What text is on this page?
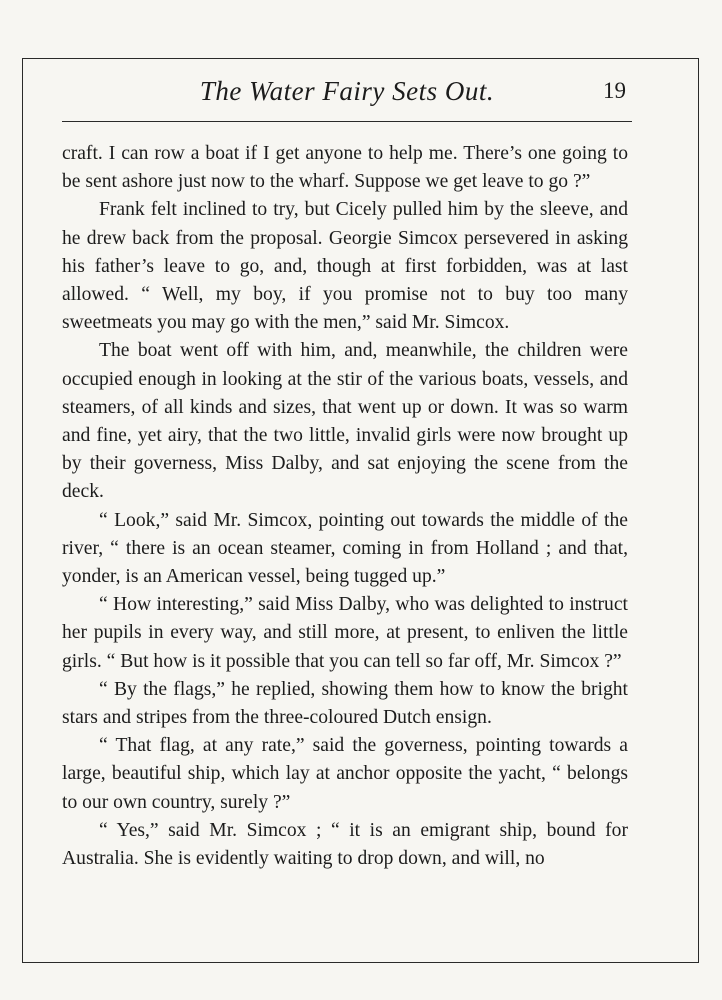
The Water Fairy Sets Out.	19

craft. I can row a boat if I get anyone to help me. There’s one going to be sent ashore just now to the wharf. Suppose we get leave to go ?”

Frank felt inclined to try, but Cicely pulled him by the sleeve, and he drew back from the proposal. Georgie Simcox persevered in asking his father’s leave to go, and, though at first forbidden, was at last allowed. “ Well, my boy, if you promise not to buy too many sweetmeats you may go with the men,” said Mr. Simcox.

The boat went off with him, and, meanwhile, the children were occupied enough in looking at the stir of the various boats, vessels, and steamers, of all kinds and sizes, that went up or down. It was so warm and fine, yet airy, that the two little, invalid girls were now brought up by their governess, Miss Dalby, and sat enjoying the scene from the deck.

“ Look,” said Mr. Simcox, pointing out towards the middle of the river, “ there is an ocean steamer, coming in from Holland ; and that, yonder, is an American vessel, being tugged up.”

“ How interesting,” said Miss Dalby, who was delighted to instruct her pupils in every way, and still more, at present, to enliven the little girls. “ But how is it possible that you can tell so far off, Mr. Simcox ?”

“ By the flags,” he replied, showing them how to know the bright stars and stripes from the three-coloured Dutch ensign.

“ That flag, at any rate,” said the governess, pointing towards a large, beautiful ship, which lay at anchor opposite the yacht, “ belongs to our own country, surely ?”

“ Yes,” said Mr. Simcox ; “ it is an emigrant ship, bound for Australia. She is evidently waiting to drop down, and will, no
